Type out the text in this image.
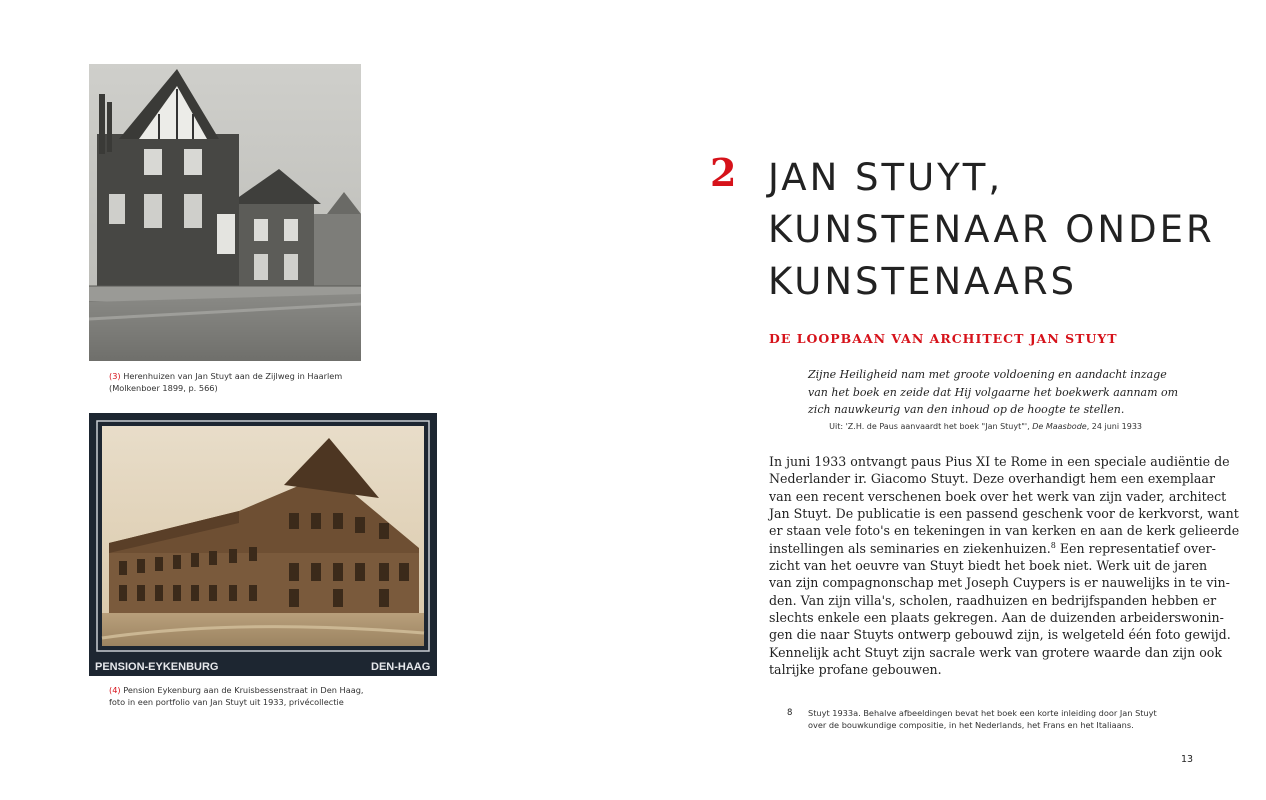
(3) Herenhuizen van Jan Stuyt aan de Zijlweg in Haarlem
(Molkenboer 1899, p. 566)
PENSION-EYKENBURG	DEN-HAAG
(4) Pension Eykenburg aan de Kruisbessenstraat in Den Haag,
foto in een portfolio van Jan Stuyt uit 1933, privécollectie
2 JAN STUYT,
KUNSTENAAR ONDER
KUNSTENAARS
DE LOOPBAAN VAN ARCHITECT JAN STUYT
Zijne Heiligheid nam met groote voldoening en aandacht inzage
van het boek en zeide dat Hij volgaarne het boekwerk aannam om
zich nauwkeurig van den inhoud op de hoogte te stellen.
Uit: 'Z.H. de Paus aanvaardt het boek "Jan Stuyt"', De Maasbode, 24 juni 1933
In juni 1933 ontvangt paus Pius XI te Rome in een speciale audiëntie de
Nederlander ir. Giacomo Stuyt. Deze overhandigt hem een exemplaar
van een recent verschenen boek over het werk van zijn vader, architect
Jan Stuyt. De publicatie is een passend geschenk voor de kerkvorst, want
er staan vele foto's en tekeningen in van kerken en aan de kerk gelieerde
instellingen als seminaries en ziekenhuizen.$^8$ Een representatief over-
zicht van het oeuvre van Stuyt biedt het boek niet. Werk uit de jaren
van zijn compagnonschap met Joseph Cuypers is er nauwelijks in te vin-
den. Van zijn villa's, scholen, raadhuizen en bedrijfspanden hebben er
slechts enkele een plaats gekregen. Aan de duizenden arbeiderswonin-
gen die naar Stuyts ontwerp gebouwd zijn, is welgeteld één foto gewijd.
Kennelijk acht Stuyt zijn sacrale werk van grotere waarde dan zijn ook
talrijke profane gebouwen.
8 Stuyt 1933a. Behalve afbeeldingen bevat het boek een korte inleiding door Jan Stuyt
over de bouwkundige compositie, in het Nederlands, het Frans en het Italiaans.
13
